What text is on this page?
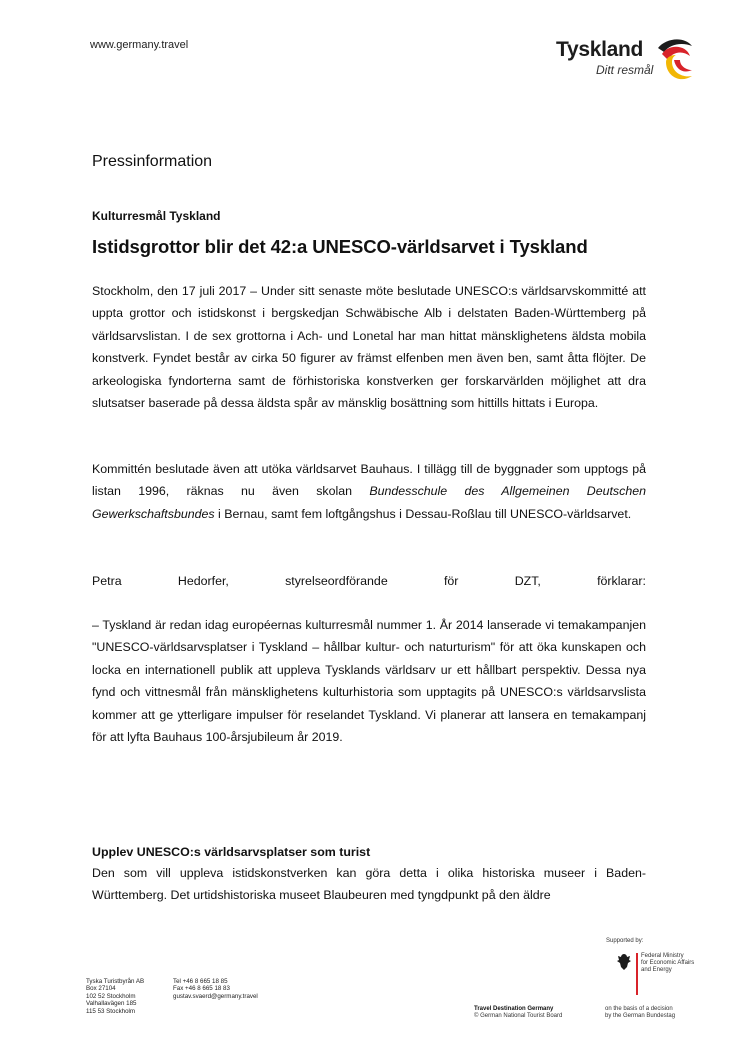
www.germany.travel	Tyskland
Ditt resmål
Pressinformation
Kulturresmål Tyskland
Istidsgrottor blir det 42:a UNESCO-världsarvet i Tyskland

Stockholm, den 17 juli 2017 – Under sitt senaste möte beslutade UNESCO:s världsarvskommitté att uppta grottor och istidskonst i bergskedjan Schwäbische Alb i delstaten Baden-Württemberg på världsarvslistan. I de sex grottorna i Ach- und Lonetal har man hittat mänsklighetens äldsta mobila konstverk. Fyndet består av cirka 50 figurer av främst elfenben men även ben, samt åtta flöjter. De arkeologiska fyndorterna samt de förhistoriska konstverken ger forskarvärlden möjlighet att dra slutsatser baserade på dessa äldsta spår av mänsklig bosättning som hittills hittats i Europa.

Kommittén beslutade även att utöka världsarvet Bauhaus. I tillägg till de byggnader som upptogs på listan 1996, räknas nu även skolan Bundesschule des Allgemeinen Deutschen Gewerkschaftsbundes i Bernau, samt fem loftgångshus i Dessau-Roßlau till UNESCO-världsarvet.

Petra	Hedorfer,	styrelseordförande	för	DZT,	förklarar:

– Tyskland är redan idag européernas kulturresmål nummer 1. År 2014 lanserade vi temakampanjen "UNESCO-världsarvsplatser i Tyskland – hållbar kultur- och naturturism" för att öka kunskapen och locka en internationell publik att uppleva Tysklands världsarv ur ett hållbart perspektiv. Dessa nya fynd och vittnesmål från mänsklighetens kulturhistoria som upptagits på UNESCO:s världsarvslista kommer att ge ytterligare impulser för reselandet Tyskland. Vi planerar att lansera en temakampanj för att lyfta Bauhaus 100-årsjubileum år 2019.

Upplev UNESCO:s världsarvsplatser som turist

Den som vill uppleva istidskonstverken kan göra detta i olika historiska museer i Baden-Württemberg. Det urtidshistoriska museet Blaubeuren med tyngdpunkt på den äldre

Tyska Turistbyrån AB
Box 27104
102 52 Stockholm
Valhallavägen 185
115 53 Stockholm
Tel +46 8 665 18 85
Fax +46 8 665 18 83
gustav.svaerd@germany.travel
Supported by:
Federal Ministry
for Economic Affairs
and Energy
Travel Destination Germany
© German National Tourist Board
on the basis of a decision
by the German Bundestag
